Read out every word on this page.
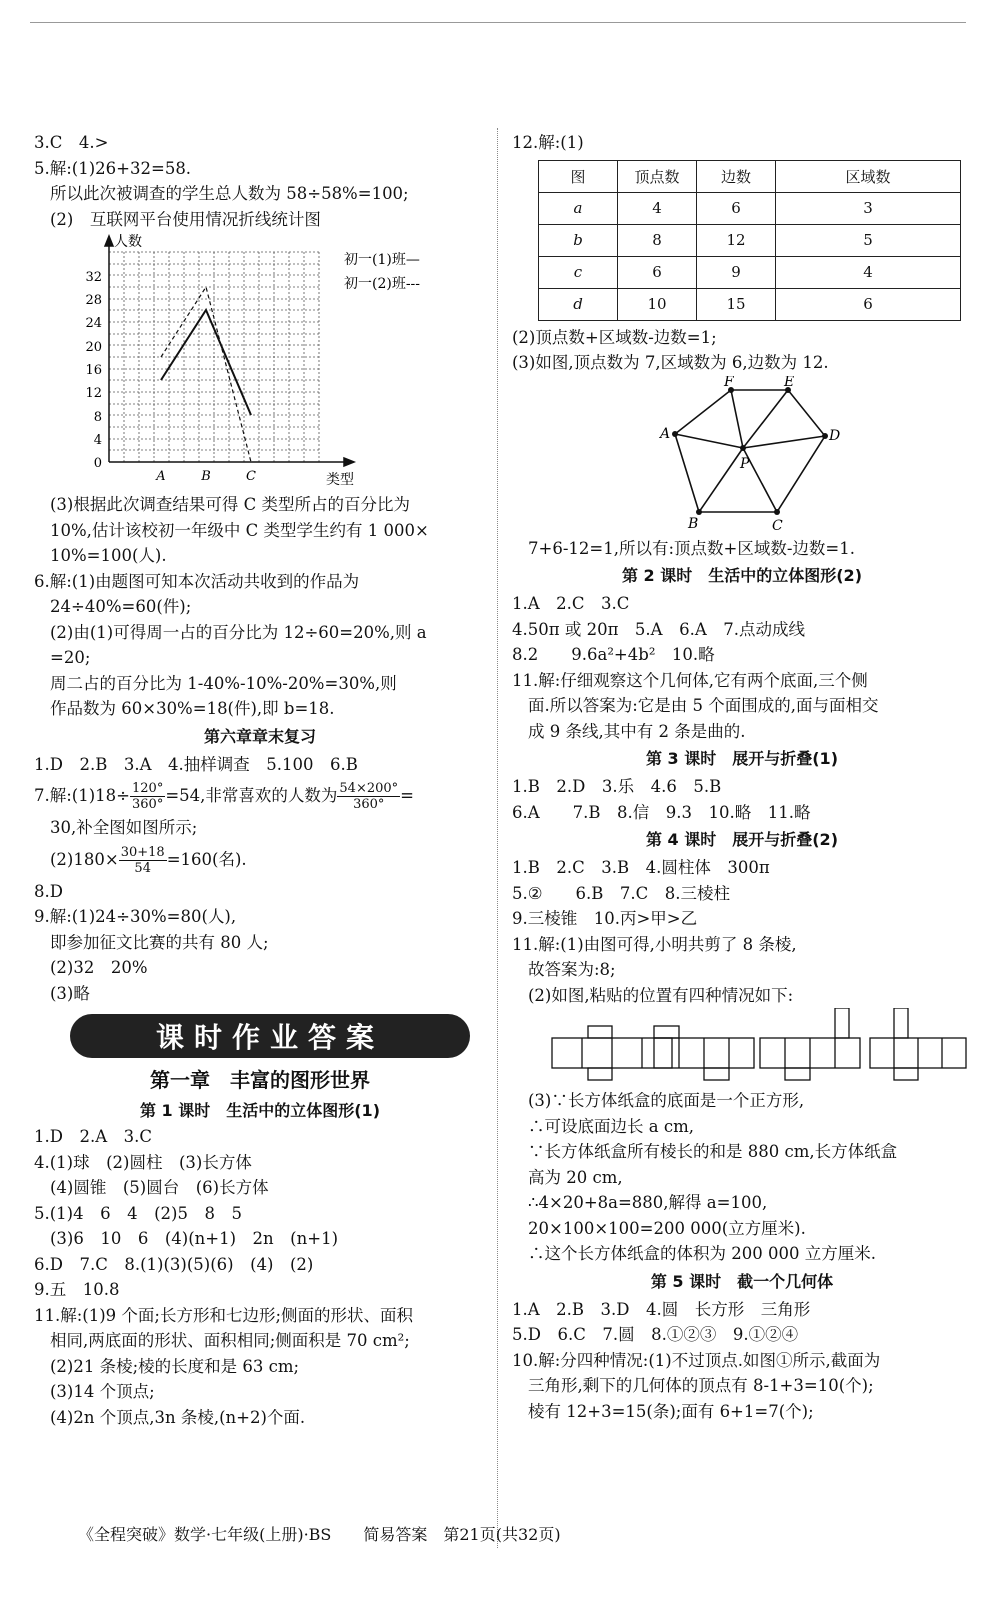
3.C　4.>
5.解:(1)26+32=58.
所以此次被调查的学生总人数为 58÷58%=100;
(2)　互联网平台使用情况折线统计图
人数
类型
0
4
8
12
16
20
24
28
32
A	B	C
初一(1)班—
初一(2)班---
(3)根据此次调查结果可得 C 类型所占的百分比为
10%,估计该校初一年级中 C 类型学生约有 1 000×
10%=100(人).
6.解:(1)由题图可知本次活动共收到的作品为
24÷40%=60(件);
(2)由(1)可得周一占的百分比为 12÷60=20%,则 a
=20;
周二占的百分比为 1-40%-10%-20%=30%,则
作品数为 60×30%=18(件),即 b=18.
第六章章末复习
1.D　2.B　3.A　4.抽样调查　5.100　6.B
7.解:(1)18÷ $\frac{120^\circ}{360^\circ} =54$,非常喜欢的人数为 $\frac{54\times 200^\circ}{360^\circ}$ =
30,补全图如图所示;
$(2)180\times \frac{30+18}{54} =160$(名).
8.D
9.解:(1)24÷30%=80(人),
即参加征文比赛的共有 80 人;
(2)32　20%
(3)略
课时作业答案
第一章　丰富的图形世界
第 1 课时　生活中的立体图形(1)
1.D　2.A　3.C
4.(1)球　(2)圆柱　(3)长方体
(4)圆锥　(5)圆台　(6)长方体
5.(1)4　6　4　(2)5　8　5
(3)6　10　6　(4)(n+1)　2n　(n+1)
6.D　7.C　8.(1)(3)(5)(6)　(4)　(2)
9.五　10.8
11.解:(1)9 个面;长方形和七边形;侧面的形状、面积
相同,两底面的形状、面积相同;侧面积是 70 cm²;
(2)21 条棱;棱的长度和是 63 cm;
(3)14 个顶点;
(4)2n 个顶点,3n 条棱,(n+2)个面.
12.解:(1)
图	顶点数	边数	区域数
a	4	6	3
b	8	12	5
c	6	9	4
d	10	15	6
(2)顶点数+区域数-边数=1;
(3)如图,顶点数为 7,区域数为 6,边数为 12.
F	E
A	D
P
B	C
7+6-12=1,所以有:顶点数+区域数-边数=1.
第 2 课时　生活中的立体图形(2)
1.A　2.C　3.C
4.50π 或 20π　5.A　6.A　7.点动成线
8.2　　9.6a²+4b²　10.略
11.解:仔细观察这个几何体,它有两个底面,三个侧
面.所以答案为:它是由 5 个面围成的,面与面相交
成 9 条线,其中有 2 条是曲的.
第 3 课时　展开与折叠(1)
1.B　2.D　3.乐　4.6　5.B
6.A　　7.B　8.信　9.3　10.略　11.略
第 4 课时　展开与折叠(2)
1.B　2.C　3.B　4.圆柱体　300π
5.②　　6.B　7.C　8.三棱柱
9.三棱锥　10.丙>甲>乙
11.解:(1)由图可得,小明共剪了 8 条棱,
故答案为:8;
(2)如图,粘贴的位置有四种情况如下:
(3)∵长方体纸盒的底面是一个正方形,
∴可设底面边长 a cm,
∵长方体纸盒所有棱长的和是 880 cm,长方体纸盒
高为 20 cm,
∴4×20+8a=880,解得 a=100,
20×100×100=200 000(立方厘米).
∴这个长方体纸盒的体积为 200 000 立方厘米.
第 5 课时　截一个几何体
1.A　2.B　3.D　4.圆　长方形　三角形
5.D　6.C　7.圆　8.①②③　9.①②④
10.解:分四种情况:(1)不过顶点.如图①所示,截面为
三角形,剩下的几何体的顶点有 8-1+3=10(个);
棱有 12+3=15(条);面有 6+1=7(个);
《全程突破》数学·七年级(上册)·BS　　简易答案　第21页(共32页)
